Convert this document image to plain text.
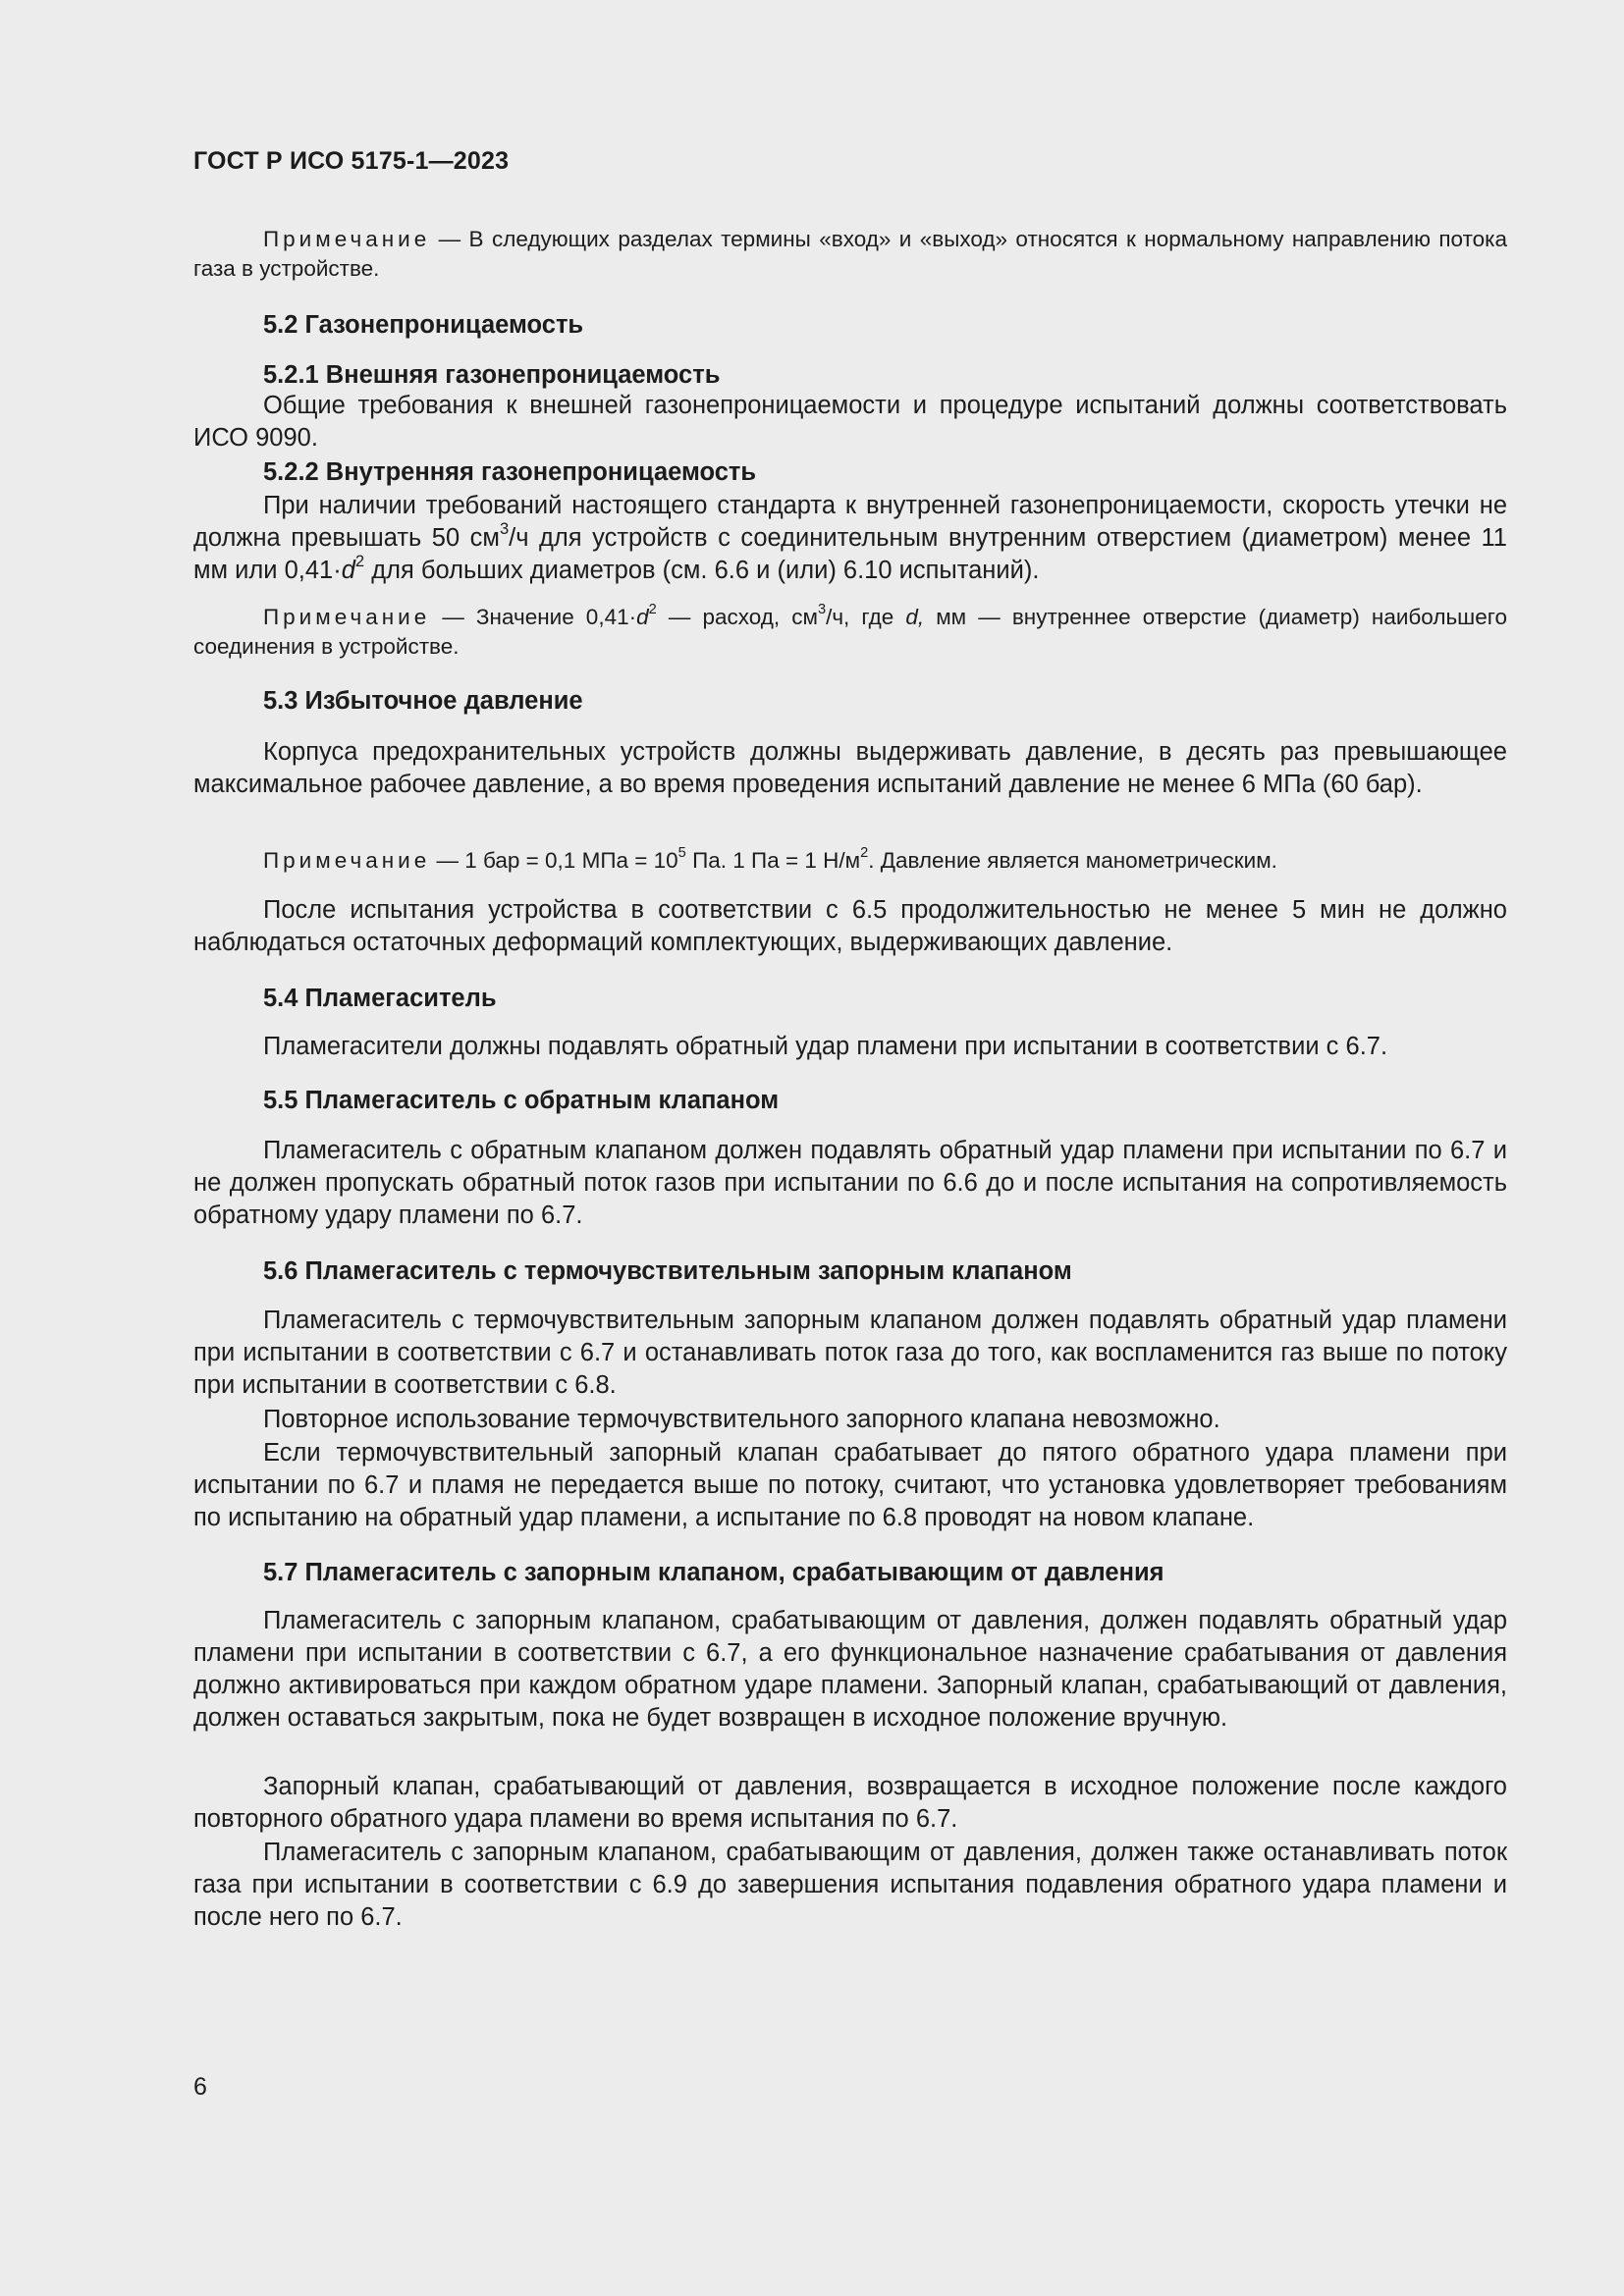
ГОСТ Р ИСО 5175-1—2023

Примечание — В следующих разделах термины «вход» и «выход» относятся к нормальному направлению потока газа в устройстве.

5.2 Газонепроницаемость
5.2.1 Внешняя газонепроницаемость

Общие требования к внешней газонепроницаемости и процедуре испытаний должны соответствовать ИСО 9090.

5.2.2 Внутренняя газонепроницаемость

При наличии требований настоящего стандарта к внутренней газонепроницаемости, скорость утечки не должна превышать 50 $см^3/ч$ для устройств с соединительным внутренним отверстием (диаметром) менее 11 мм или $0,41\cdot d^2$ для больших диаметров (см. 6.6 и (или) 6.10 испытаний).

Примечание — Значение $0,41\cdot d^2$ — расход, $см^3/ч$, где d, мм — внутреннее отверстие (диаметр) наибольшего соединения в устройстве.

5.3 Избыточное давление

Корпуса предохранительных устройств должны выдерживать давление, в десять раз превышающее максимальное рабочее давление, а во время проведения испытаний давление не менее 6 МПа (60 бар).

Примечание — 1 бар = 0,1 МПа = $10^5$ Па. 1 Па = 1 $Н/м^2$. Давление является манометрическим.

После испытания устройства в соответствии с 6.5 продолжительностью не менее 5 мин не должно наблюдаться остаточных деформаций комплектующих, выдерживающих давление.

5.4 Пламегаситель

Пламегасители должны подавлять обратный удар пламени при испытании в соответствии с 6.7.

5.5 Пламегаситель с обратным клапаном

Пламегаситель с обратным клапаном должен подавлять обратный удар пламени при испытании по 6.7 и не должен пропускать обратный поток газов при испытании по 6.6 до и после испытания на сопротивляемость обратному удару пламени по 6.7.

5.6 Пламегаситель с термочувствительным запорным клапаном

Пламегаситель с термочувствительным запорным клапаном должен подавлять обратный удар пламени при испытании в соответствии с 6.7 и останавливать поток газа до того, как воспламенится газ выше по потоку при испытании в соответствии с 6.8.

Повторное использование термочувствительного запорного клапана невозможно.

Если термочувствительный запорный клапан срабатывает до пятого обратного удара пламени при испытании по 6.7 и пламя не передается выше по потоку, считают, что установка удовлетворяет требованиям по испытанию на обратный удар пламени, а испытание по 6.8 проводят на новом клапане.

5.7 Пламегаситель с запорным клапаном, срабатывающим от давления

Пламегаситель с запорным клапаном, срабатывающим от давления, должен подавлять обратный удар пламени при испытании в соответствии с 6.7, а его функциональное назначение срабатывания от давления должно активироваться при каждом обратном ударе пламени. Запорный клапан, срабатывающий от давления, должен оставаться закрытым, пока не будет возвращен в исходное положение вручную.

Запорный клапан, срабатывающий от давления, возвращается в исходное положение после каждого повторного обратного удара пламени во время испытания по 6.7.

Пламегаситель с запорным клапаном, срабатывающим от давления, должен также останавливать поток газа при испытании в соответствии с 6.9 до завершения испытания подавления обратного удара пламени и после него по 6.7.

6
